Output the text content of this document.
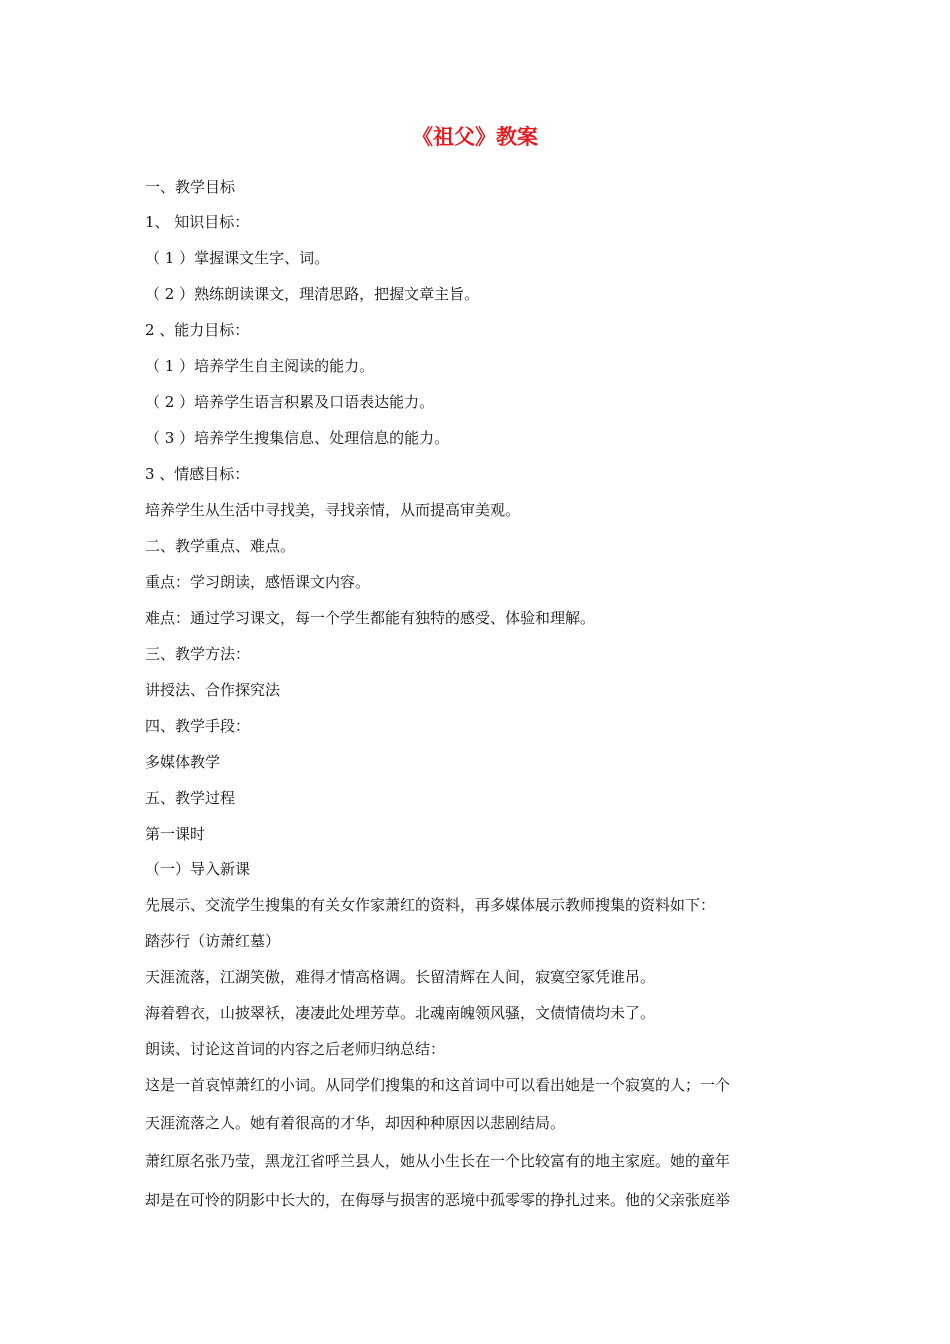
《祖父》教案
一、教学目标
1、 知识目标：
（ 1 ）掌握课文生字、词。
（ 2 ）熟练朗读课文，理清思路，把握文章主旨。
2 、能力目标：
（ 1 ）培养学生自主阅读的能力。
（ 2 ）培养学生语言积累及口语表达能力。
（ 3 ）培养学生搜集信息、处理信息的能力。
3 、情感目标：
培养学生从生活中寻找美，寻找亲情，从而提高审美观。
二、教学重点、难点。
重点：学习朗读，感悟课文内容。
难点：通过学习课文，每一个学生都能有独特的感受、体验和理解。
三、教学方法：
讲授法、合作探究法
四、教学手段：
多媒体教学
五、教学过程
第一课时
（一）导入新课
先展示、交流学生搜集的有关女作家萧红的资料，再多媒体展示教师搜集的资料如下：
踏莎行（访萧红墓）
天涯流落，江湖笑傲，难得才情高格调。长留清辉在人间，寂寞空冢凭谁吊。
海着碧衣，山披翠袄，凄凄此处埋芳草。北魂南魄领风骚，文债情债均未了。
朗读、讨论这首词的内容之后老师归纳总结：
这是一首哀悼萧红的小词。从同学们搜集的和这首词中可以看出她是一个寂寞的人；一个
天涯流落之人。她有着很高的才华，却因种种原因以悲剧结局。
萧红原名张乃莹，黑龙江省呼兰县人，她从小生长在一个比较富有的地主家庭。她的童年
却是在可怜的阴影中长大的，在侮辱与损害的恶境中孤零零的挣扎过来。他的父亲张庭举
